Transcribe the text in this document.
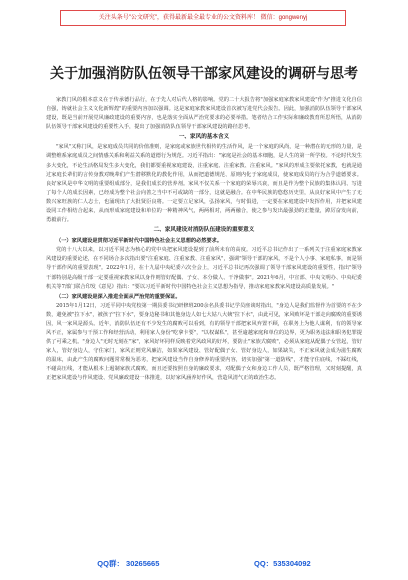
关注头条号"公文研究"，获得最新最全最专业的公文资料库！ 微信：gongwenyj
关于加强消防队伍领导干部家风建设的调研与思考

家教门风的根本意义在于传承德行品行，在于先人对后代人格的影响。党的二十大报告将"加强家庭家教家风建设"作为"推进文化自信自强，铸就社会主义文化新辉煌"的重要内容加以强调。这是家庭家教家风建设首次被写进党代会报告。因此，加强消防队伍领导干部家风建设，既是当前开展党风廉政建设的重要内容，也是落实全面从严治党要求的必要举措。笔者结合工作实际和廉政教育所思所悟，从消防队伍领导干部家风建设的重要性入手，提出了加强消防队伍领导干部家风建设的路径思考。

一、家风的基本含义

"家风"又称门风，是家庭成员共同的价值准则，是家庭或家族世代相传的生活作风，是一个家庭的风尚，是一种潜在的无形的力量，是调整维系家庭成员之间情感关系和利益关系的道德行为规范。习近平指出："家庭是社会的基本细胞，是人生的第一所学校。不论时代发生多大变化，不论生活格局发生多大变化，我们都要重视家庭建设，注重家庭、注重家教、注重家风。"家风的形成主要依托家教，也就是通过家庭长辈们的言传身教对晚辈们产生潜移默化的教化作用，从而把道德规范、原则内化于家庭成员，使家庭成员的行为合乎道德要求。良好家风是中华文明的重要组成部分，是我们成长的营养剂。家风不仅关系一个家庭的荣辱兴衰，而且是作为整个民族的集体认同、写进了每个人的成长因素，已经成为整个社会向善之当中不可或缺的一部分，这就是融合。在中华民族的悠悠历史里，从良好家风中产生了无数兴家旺族的仁人志士，也涌现出了大批贤臣良将。一定要立足家风，弘扬家风，与时俱进，一定要在家庭建设中发挥作用，并把家风建设同工作相结合起来，从而形成家庭建设和单位的一种精神风气，两两相对，两两融合，使之参与发出最强劲的正能量，踔厉奋发向前，勇毅前行。

二、家风建设对消防队伍建设的重要意义
（一）家风建设是贯彻习近平新时代中国特色社会主义思想的必然要求。

党的十八大以来，以习近平同志为核心的党中央把家风建设提到了前所未有的高度。习近平总书记作出了一系列关于注重家庭家教家风建设的重要论述，在不同场合多次指出要"注重家庭、注重家教、注重家风"，强调"领导干部的家风，不是个人小事、家庭私事，而是领导干部作风的重要表现"。2022年1月，在十九届中央纪委六次全会上，习近平总书记再次强调了领导干部家风建设的重要性，指出"领导干部特别是高级干部一定要重视家教家风以身作则管好配偶、子女、本分做人、干净做事"。2021年6月，中宣部、中央文明办、中央纪委机关等7部门联合印发《意见》指出："要以习近平新时代中国特色社会主义思想为指导，推动家庭家教家风建设高质量发展。"

（二）家风建设是深入推进全面从严治党的重要保证。

2015年1月12日，习近平同中央党校第一期县委书记研修班200余名县委书记学员座谈时指出，"身边人是我们监督作为首要的不在少数，避免被"拉下水"，被孩子"拉下水"，要身边秘书和其他身边人如七大姑八大姨"拉下水"，由此可见，家风败坏是干部走向腐败的重要诱因，风一家风是源头。近年，消防队伍还有不少发生的腐败可以看到，有的领导干部把家风弃置不顾，在职务上为他人谋利，有的领导家风不正，家属参与干预工作和经营活动，利用家人身份"吃拿卡要"，"以权谋私"，甚至逾越家庭和单位的边界，更为职务违法和职务犯罪提供了可乘之机。"身边人"无时无刻在"家"，家风好坏同样反映着党风政风的好坏，要防止"家族式腐败"，必须从家庭从配偶子女管起，管好家人，管好身边人，守住家门，家风正则党风廉洁，如果家风建设、管好配偶子女、管好身边人，如果缺失，不正家风就会成为滋生腐败的温床，由此产生的腐败问题常常极为恶劣，把家风建设当作自身修养的重要内容，切实加强"第一道防线"，才能守住底线，不踩红线，不碰高压线，才能从根本上遏制家族式腐败，而且还要按照自身的廉政要求，对配偶子女和身边工作人员，既严格管理，又时刻提醒，真正把家风建设与作风建设、党风廉政建设一体推进，以好家风涵养好作风，营造风清气正的政治生态。

QQ群： 30265665	QQ：535304092
